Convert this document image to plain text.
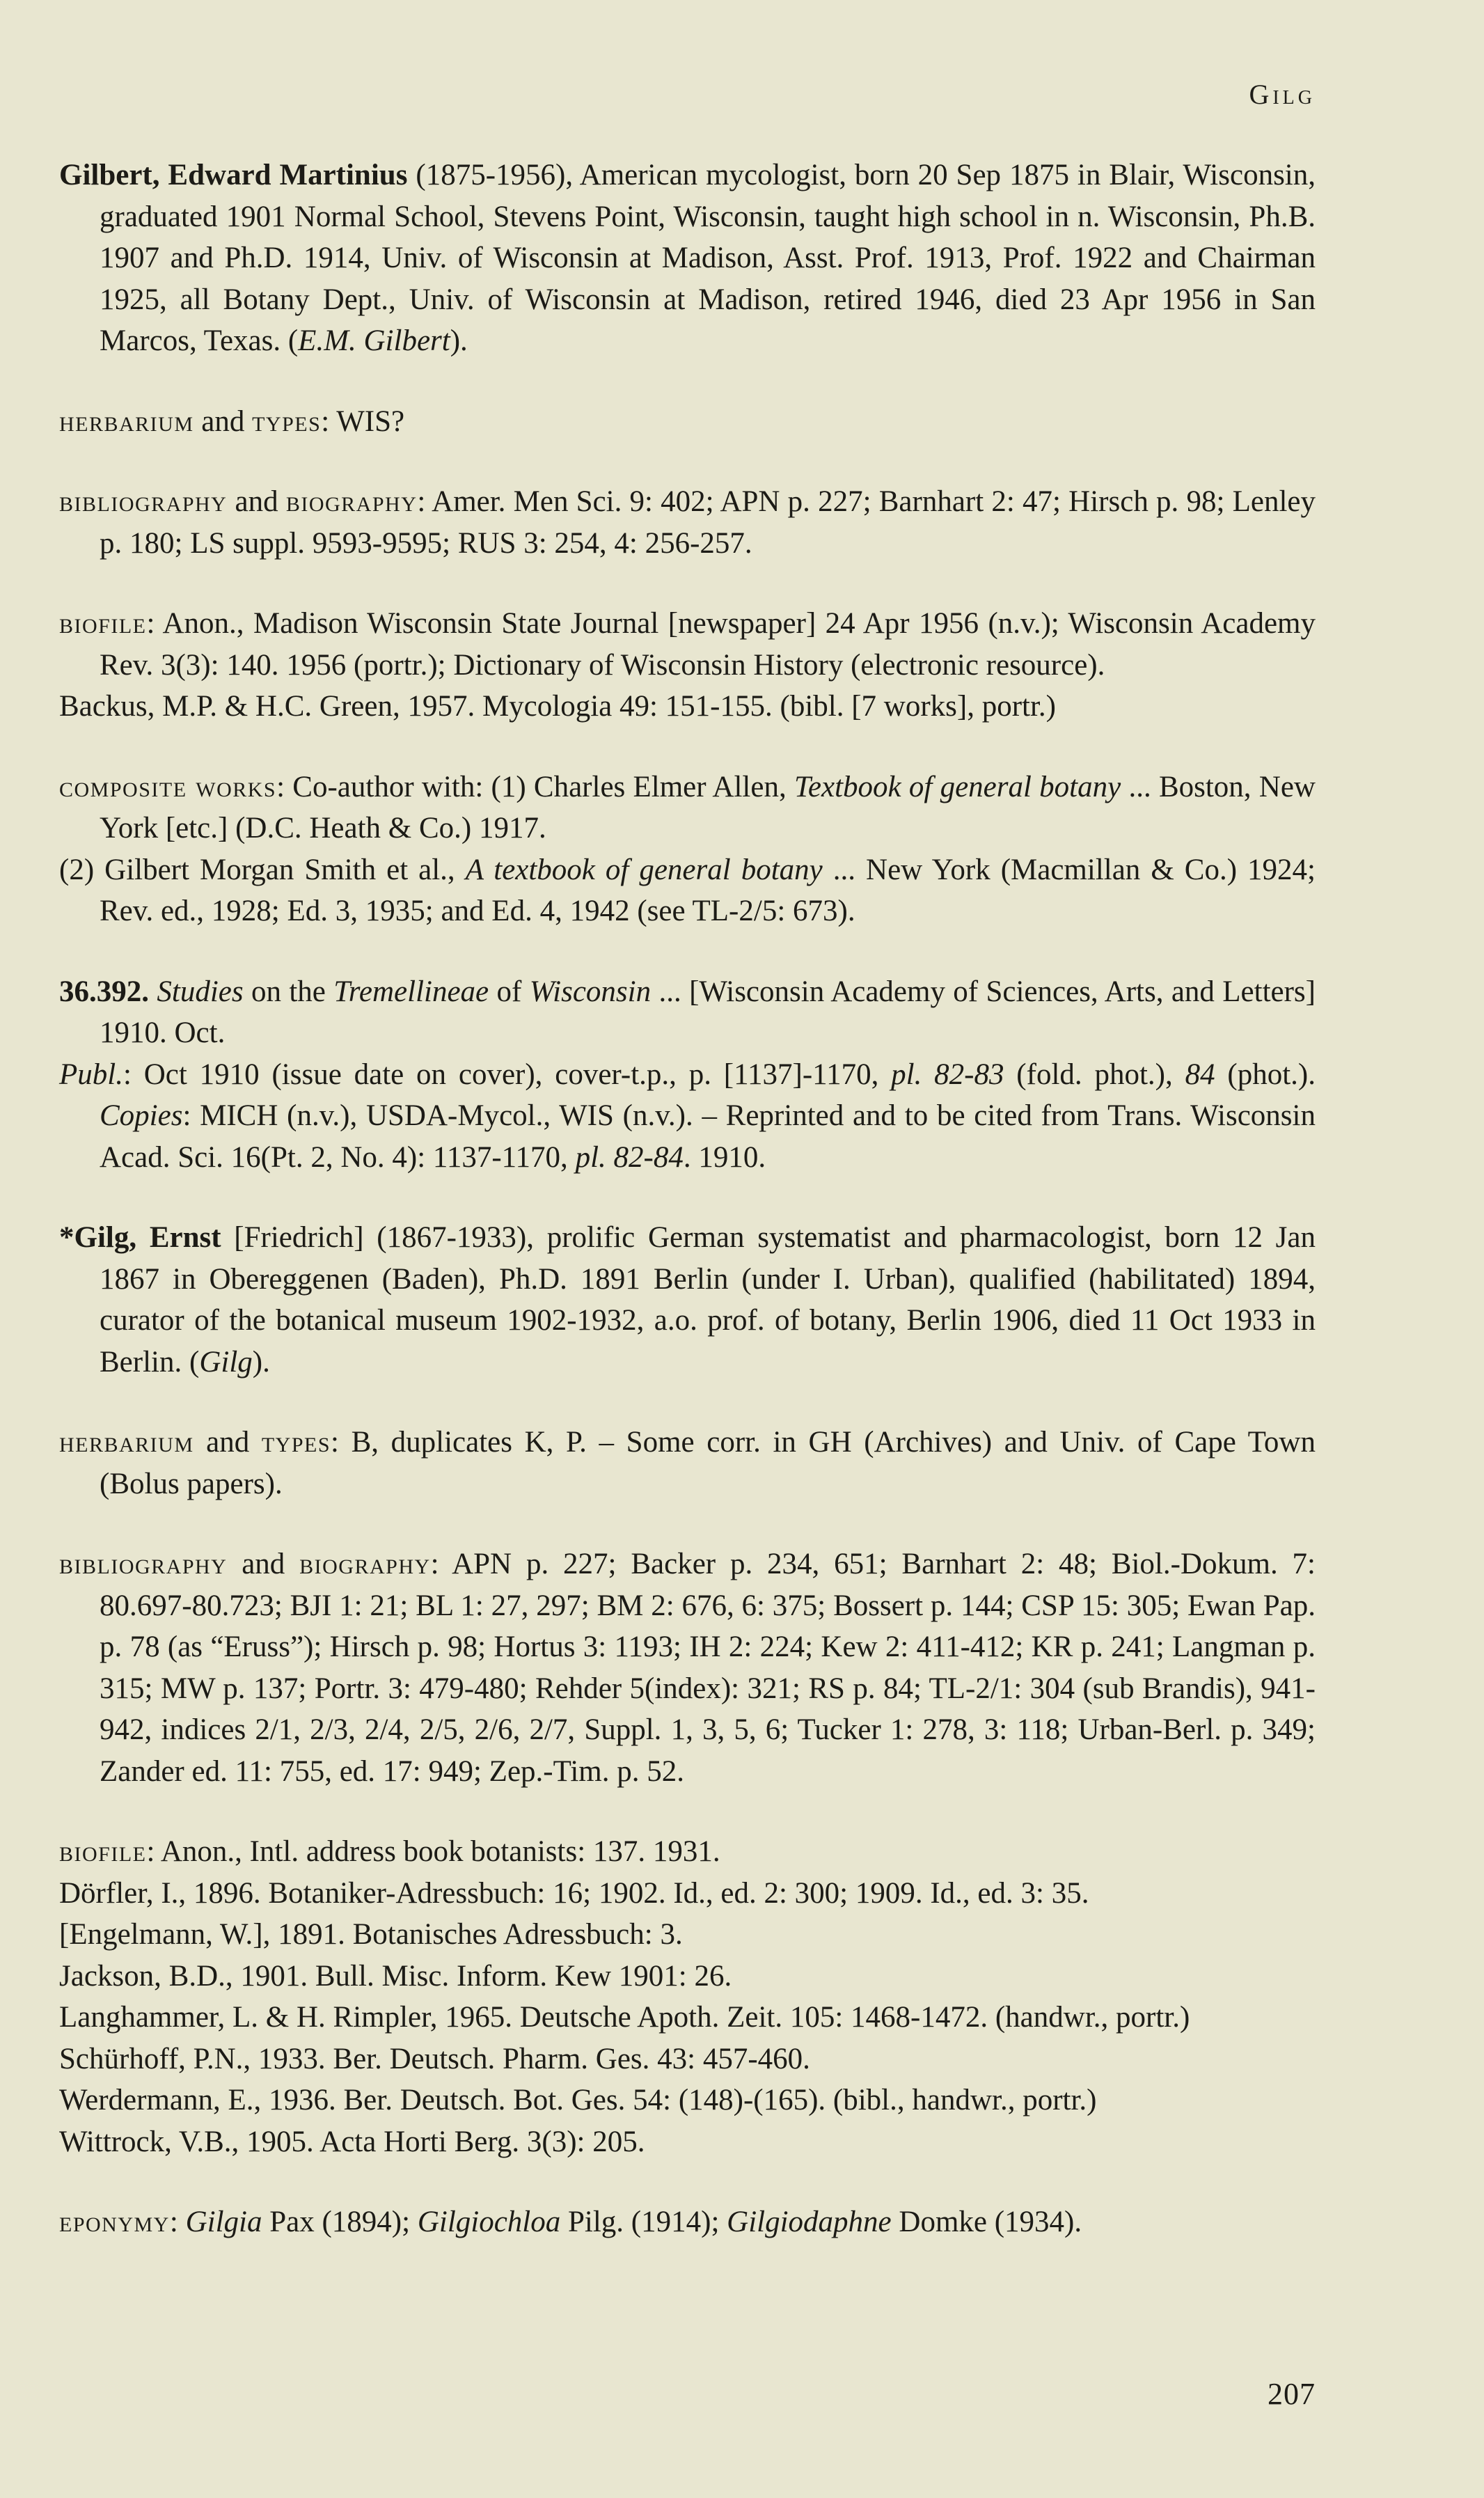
Gilg

Gilbert, Edward Martinius (1875-1956), American mycologist, born 20 Sep 1875 in Blair, Wisconsin, graduated 1901 Normal School, Stevens Point, Wisconsin, taught high school in n. Wisconsin, Ph.B. 1907 and Ph.D. 1914, Univ. of Wisconsin at Madison, Asst. Prof. 1913, Prof. 1922 and Chairman 1925, all Botany Dept., Univ. of Wisconsin at Madison, retired 1946, died 23 Apr 1956 in San Marcos, Texas. (E.M. Gilbert).

herbarium and types: WIS?

bibliography and biography: Amer. Men Sci. 9: 402; APN p. 227; Barnhart 2: 47; Hirsch p. 98; Lenley p. 180; LS suppl. 9593-9595; RUS 3: 254, 4: 256-257.

biofile: Anon., Madison Wisconsin State Journal [newspaper] 24 Apr 1956 (n.v.); Wisconsin Academy Rev. 3(3): 140. 1956 (portr.); Dictionary of Wisconsin History (electronic resource).

Backus, M.P. & H.C. Green, 1957. Mycologia 49: 151-155. (bibl. [7 works], portr.)

composite works: Co-author with: (1) Charles Elmer Allen, Textbook of general botany ... Boston, New York [etc.] (D.C. Heath & Co.) 1917.

(2) Gilbert Morgan Smith et al., A textbook of general botany ... New York (Macmillan & Co.) 1924; Rev. ed., 1928; Ed. 3, 1935; and Ed. 4, 1942 (see TL-2/5: 673).

36.392. Studies on the Tremellineae of Wisconsin ... [Wisconsin Academy of Sciences, Arts, and Letters] 1910. Oct.

Publ.: Oct 1910 (issue date on cover), cover-t.p., p. [1137]-1170, pl. 82-83 (fold. phot.), 84 (phot.). Copies: MICH (n.v.), USDA-Mycol., WIS (n.v.). – Reprinted and to be cited from Trans. Wisconsin Acad. Sci. 16(Pt. 2, No. 4): 1137-1170, pl. 82-84. 1910.

*Gilg, Ernst [Friedrich] (1867-1933), prolific German systematist and pharmacologist, born 12 Jan 1867 in Obereggenen (Baden), Ph.D. 1891 Berlin (under I. Urban), qualified (habilitated) 1894, curator of the botanical museum 1902-1932, a.o. prof. of botany, Berlin 1906, died 11 Oct 1933 in Berlin. (Gilg).

herbarium and types: B, duplicates K, P. – Some corr. in GH (Archives) and Univ. of Cape Town (Bolus papers).

bibliography and biography: APN p. 227; Backer p. 234, 651; Barnhart 2: 48; Biol.-Dokum. 7: 80.697-80.723; BJI 1: 21; BL 1: 27, 297; BM 2: 676, 6: 375; Bossert p. 144; CSP 15: 305; Ewan Pap. p. 78 (as “Eruss”); Hirsch p. 98; Hortus 3: 1193; IH 2: 224; Kew 2: 411-412; KR p. 241; Langman p. 315; MW p. 137; Portr. 3: 479-480; Rehder 5(index): 321; RS p. 84; TL-2/1: 304 (sub Brandis), 941-942, indices 2/1, 2/3, 2/4, 2/5, 2/6, 2/7, Suppl. 1, 3, 5, 6; Tucker 1: 278, 3: 118; Urban-Berl. p. 349; Zander ed. 11: 755, ed. 17: 949; Zep.-Tim. p. 52.

biofile: Anon., Intl. address book botanists: 137. 1931.

Dörfler, I., 1896. Botaniker-Adressbuch: 16; 1902. Id., ed. 2: 300; 1909. Id., ed. 3: 35.

[Engelmann, W.], 1891. Botanisches Adressbuch: 3.

Jackson, B.D., 1901. Bull. Misc. Inform. Kew 1901: 26.

Langhammer, L. & H. Rimpler, 1965. Deutsche Apoth. Zeit. 105: 1468-1472. (handwr., portr.)

Schürhoff, P.N., 1933. Ber. Deutsch. Pharm. Ges. 43: 457-460.

Werdermann, E., 1936. Ber. Deutsch. Bot. Ges. 54: (148)-(165). (bibl., handwr., portr.)

Wittrock, V.B., 1905. Acta Horti Berg. 3(3): 205.

eponymy: Gilgia Pax (1894); Gilgiochloa Pilg. (1914); Gilgiodaphne Domke (1934).

207
